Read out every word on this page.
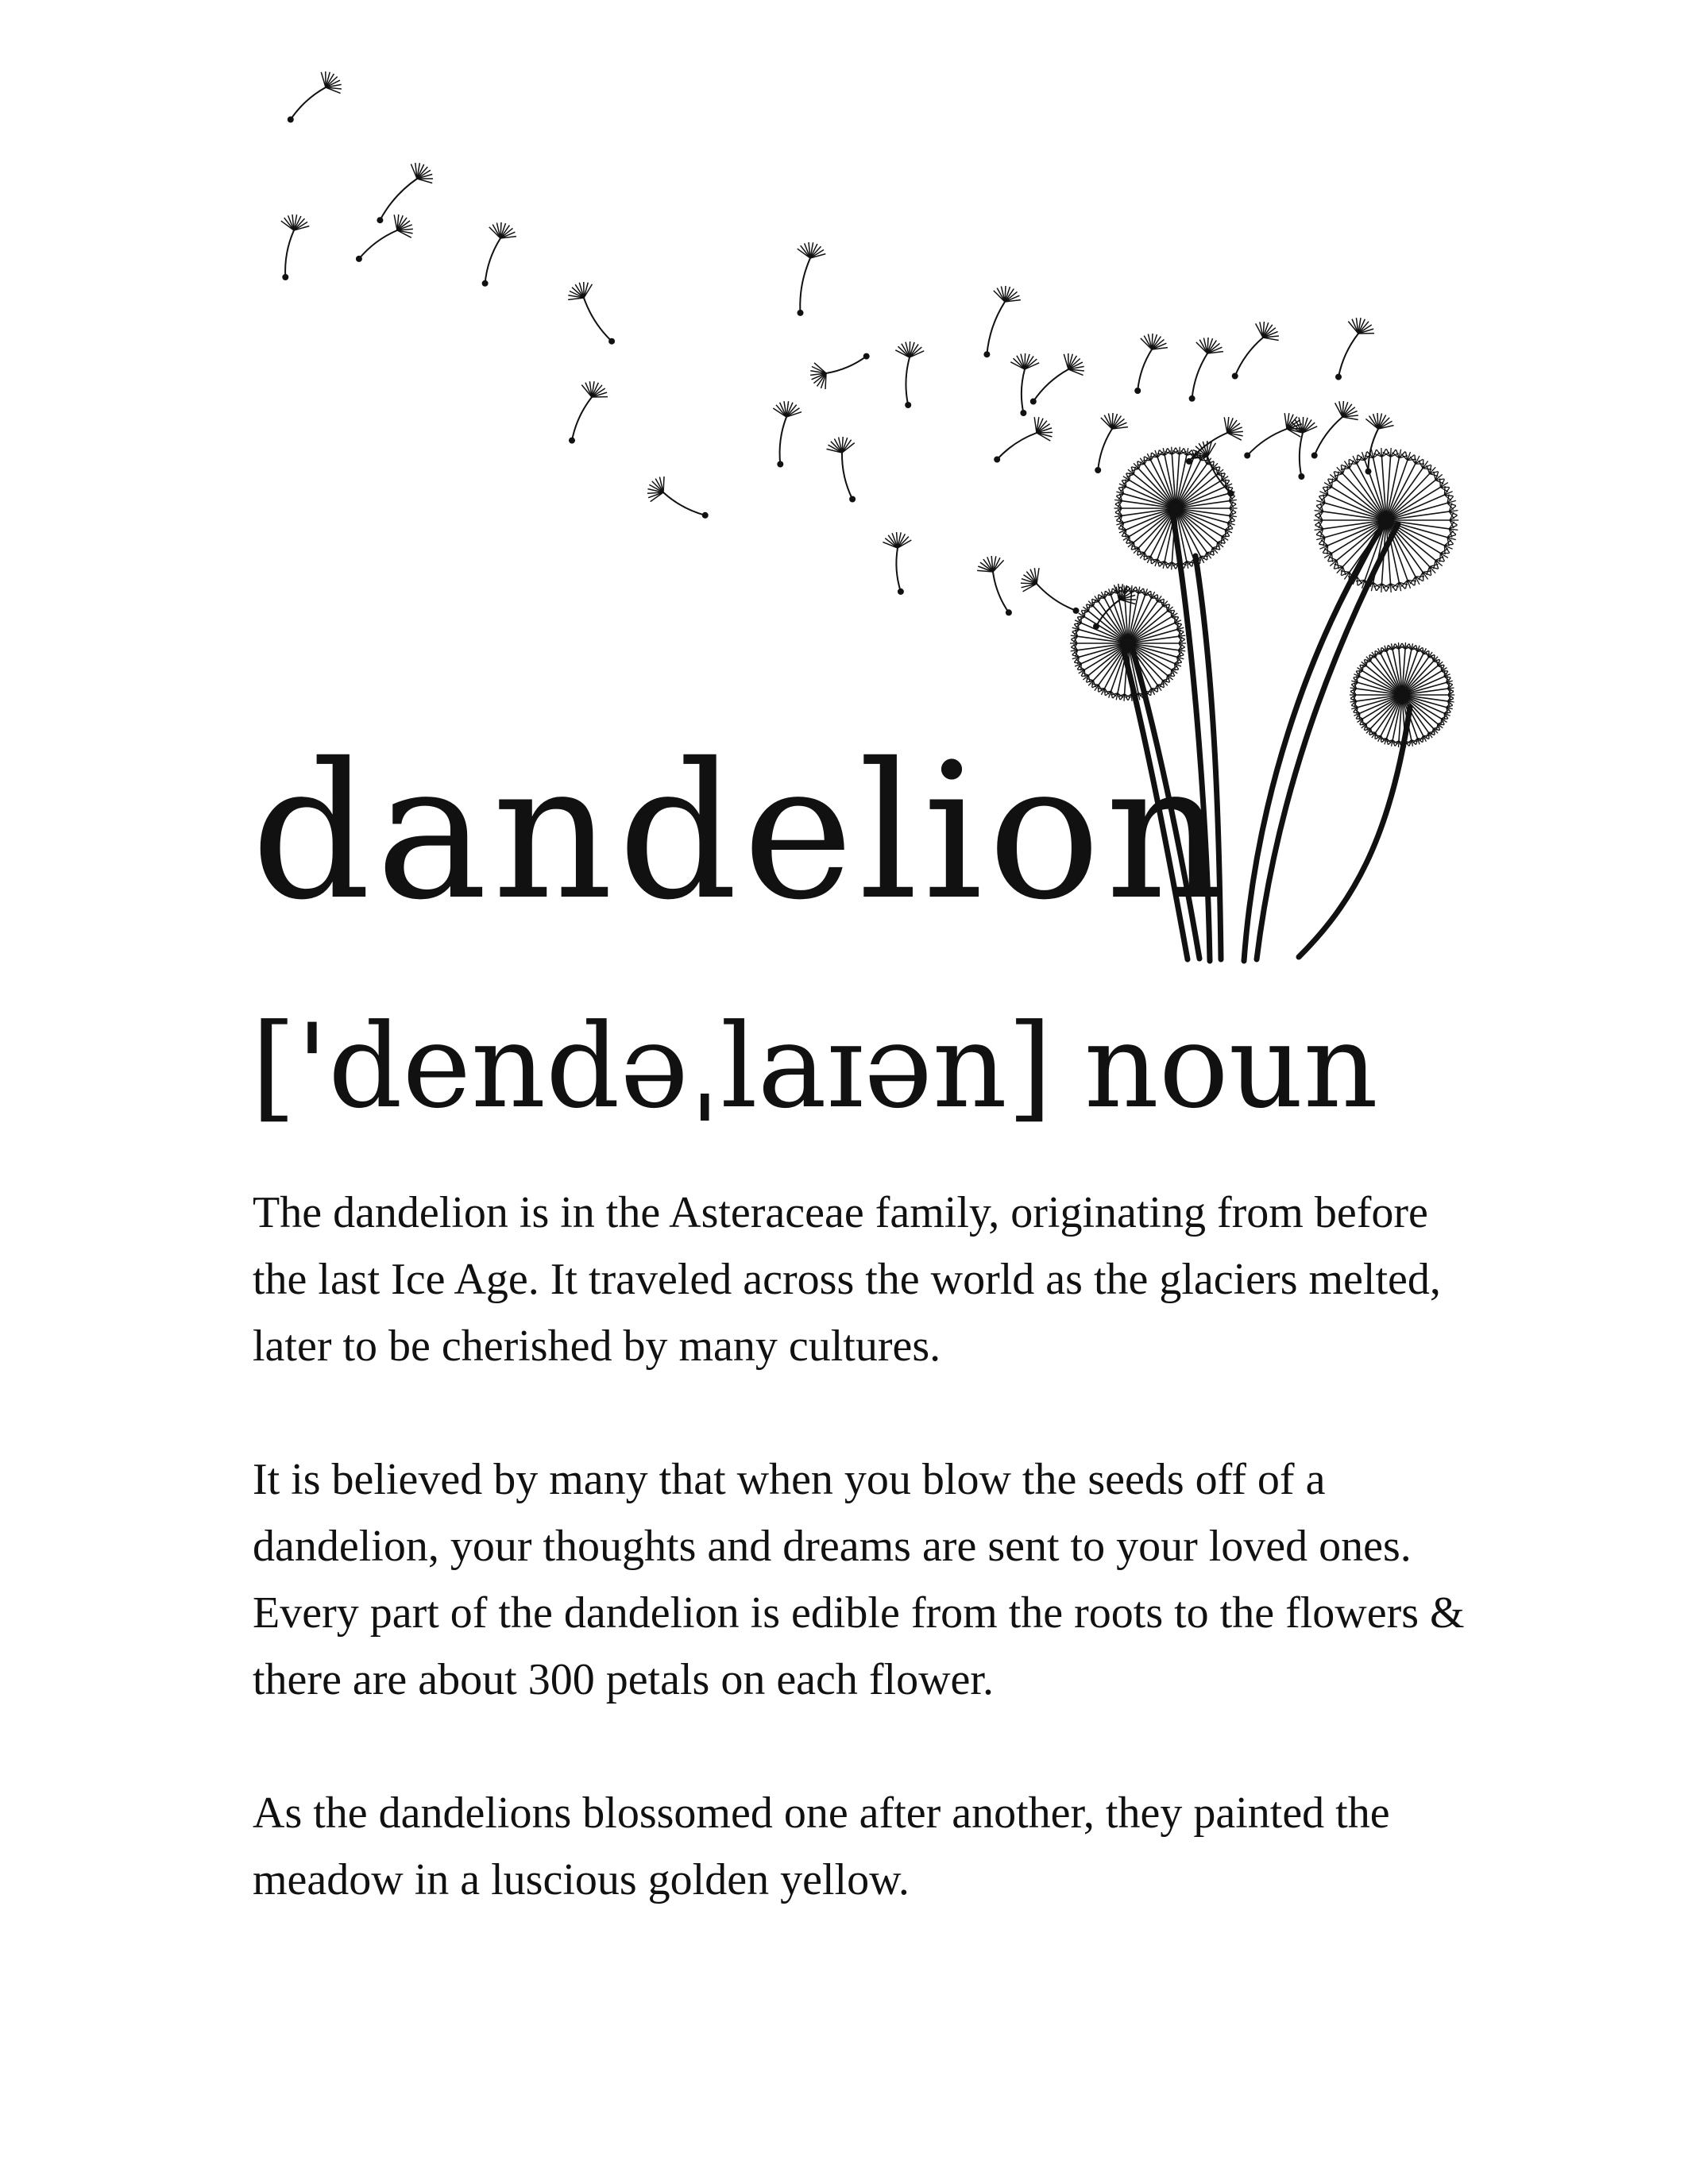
dandelion
['dendəˌlaɪən] noun

The dandelion is in the Asteraceae family, originating from before the last Ice Age. It traveled across the world as the glaciers melted, later to be cherished by many cultures.

It is believed by many that when you blow the seeds off of a dandelion, your thoughts and dreams are sent to your loved ones. Every part of the dandelion is edible from the roots to the flowers & there are about 300 petals on each flower.

As the dandelions blossomed one after another, they painted the meadow in a luscious golden yellow.
